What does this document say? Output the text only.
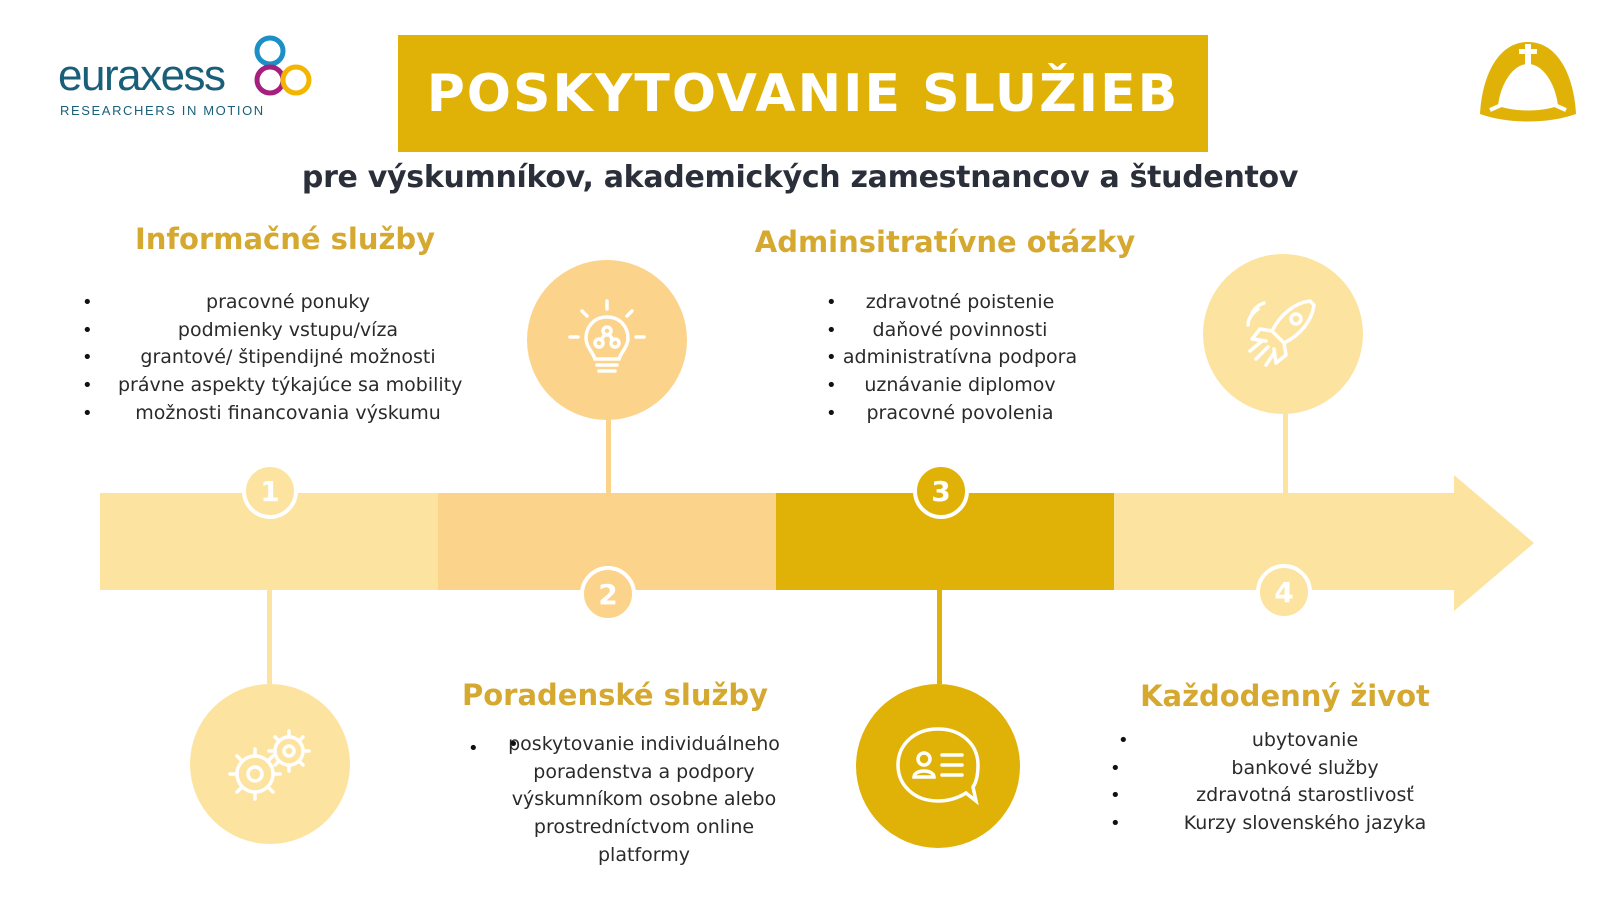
euraxess
RESEARCHERS IN MOTION	POSKYTOVANIE SLUŽIEB
pre výskumníkov, akademických zamestnancov a študentov
Informačné služby
• pracovné ponuky
• podmienky vstupu/víza
• grantové/ štipendijné možnosti
• právne aspekty týkajúce sa mobility
• možnosti financovania výskumu
Adminsitratívne otázky
• zdravotné poistenie
• daňové povinnosti
• administratívna podpora
• uznávanie diplomov
• pracovné povolenia
Poradenské služby
• poskytovanie individuálneho poradenstva a podpory výskumníkom osobne alebo prostredníctvom online platformy
•
Každodenný život
• ubytovanie
• bankové služby
• zdravotná starostlivosť
• Kurzy slovenského jazyka
1
2
3
4
